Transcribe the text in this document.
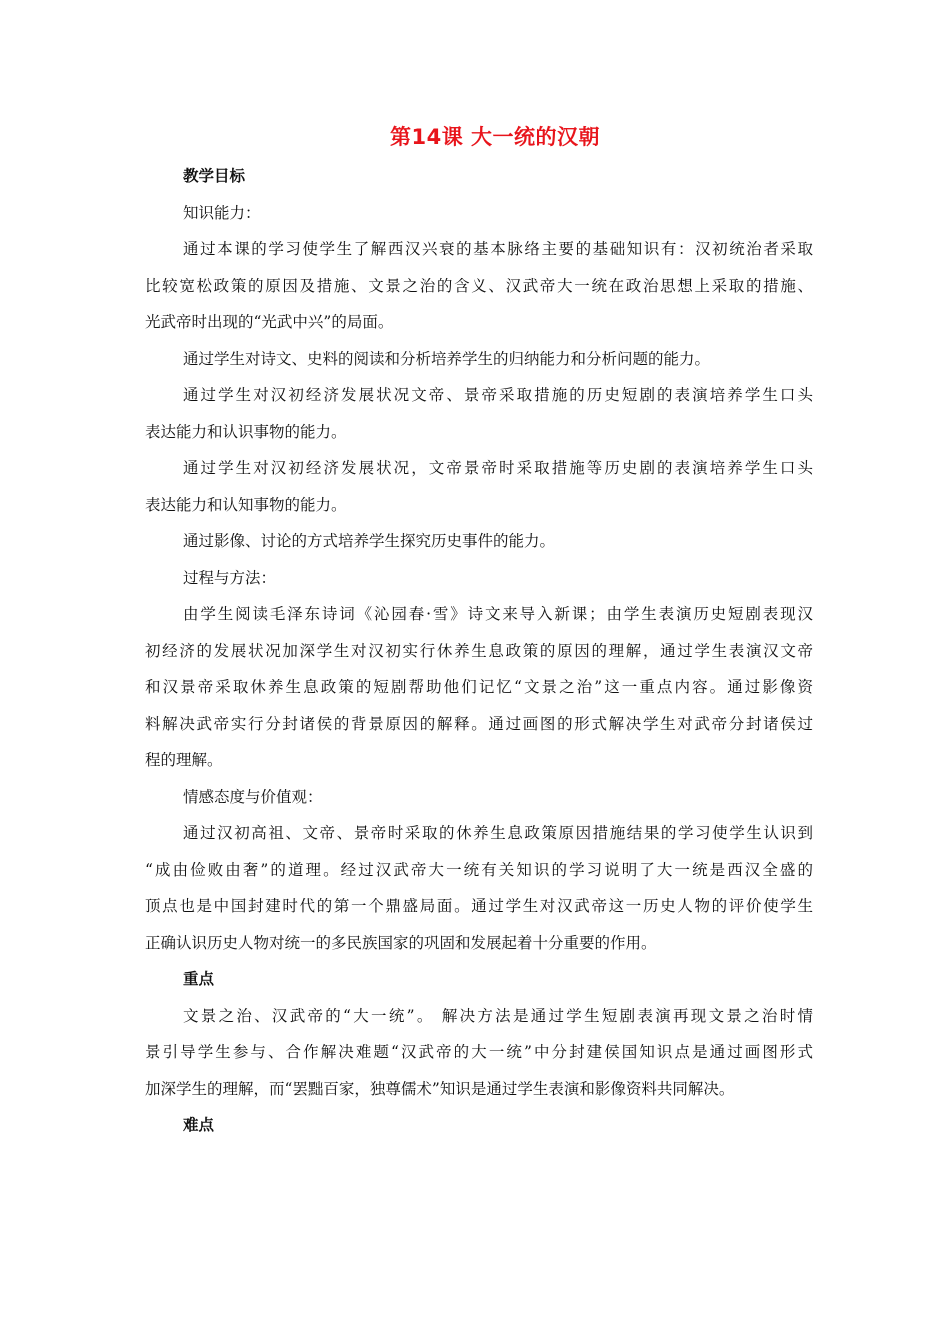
第14课 大一统的汉朝
教学目标
知识能力：
通过本课的学习使学生了解西汉兴衰的基本脉络主要的基础知识有：汉初统治者采取
比较宽松政策的原因及措施、文景之治的含义、汉武帝大一统在政治思想上采取的措施、
光武帝时出现的“光武中兴”的局面。
通过学生对诗文、史料的阅读和分析培养学生的归纳能力和分析问题的能力。
通过学生对汉初经济发展状况文帝、景帝采取措施的历史短剧的表演培养学生口头
表达能力和认识事物的能力。
通过学生对汉初经济发展状况，文帝景帝时采取措施等历史剧的表演培养学生口头
表达能力和认知事物的能力。
通过影像、讨论的方式培养学生探究历史事件的能力。
过程与方法：
由学生阅读毛泽东诗词《沁园春·雪》诗文来导入新课；由学生表演历史短剧表现汉
初经济的发展状况加深学生对汉初实行休养生息政策的原因的理解，通过学生表演汉文帝
和汉景帝采取休养生息政策的短剧帮助他们记忆“文景之治”这一重点内容。通过影像资
料解决武帝实行分封诸侯的背景原因的解释。通过画图的形式解决学生对武帝分封诸侯过
程的理解。
情感态度与价值观：
通过汉初高祖、文帝、景帝时采取的休养生息政策原因措施结果的学习使学生认识到
“成由俭败由奢”的道理。经过汉武帝大一统有关知识的学习说明了大一统是西汉全盛的
顶点也是中国封建时代的第一个鼎盛局面。通过学生对汉武帝这一历史人物的评价使学生
正确认识历史人物对统一的多民族国家的巩固和发展起着十分重要的作用。
重点
文景之治、汉武帝的“大一统”。 解决方法是通过学生短剧表演再现文景之治时情
景引导学生参与、合作解决难题“汉武帝的大一统”中分封建侯国知识点是通过画图形式
加深学生的理解，而“罢黜百家，独尊儒术”知识是通过学生表演和影像资料共同解决。
难点
